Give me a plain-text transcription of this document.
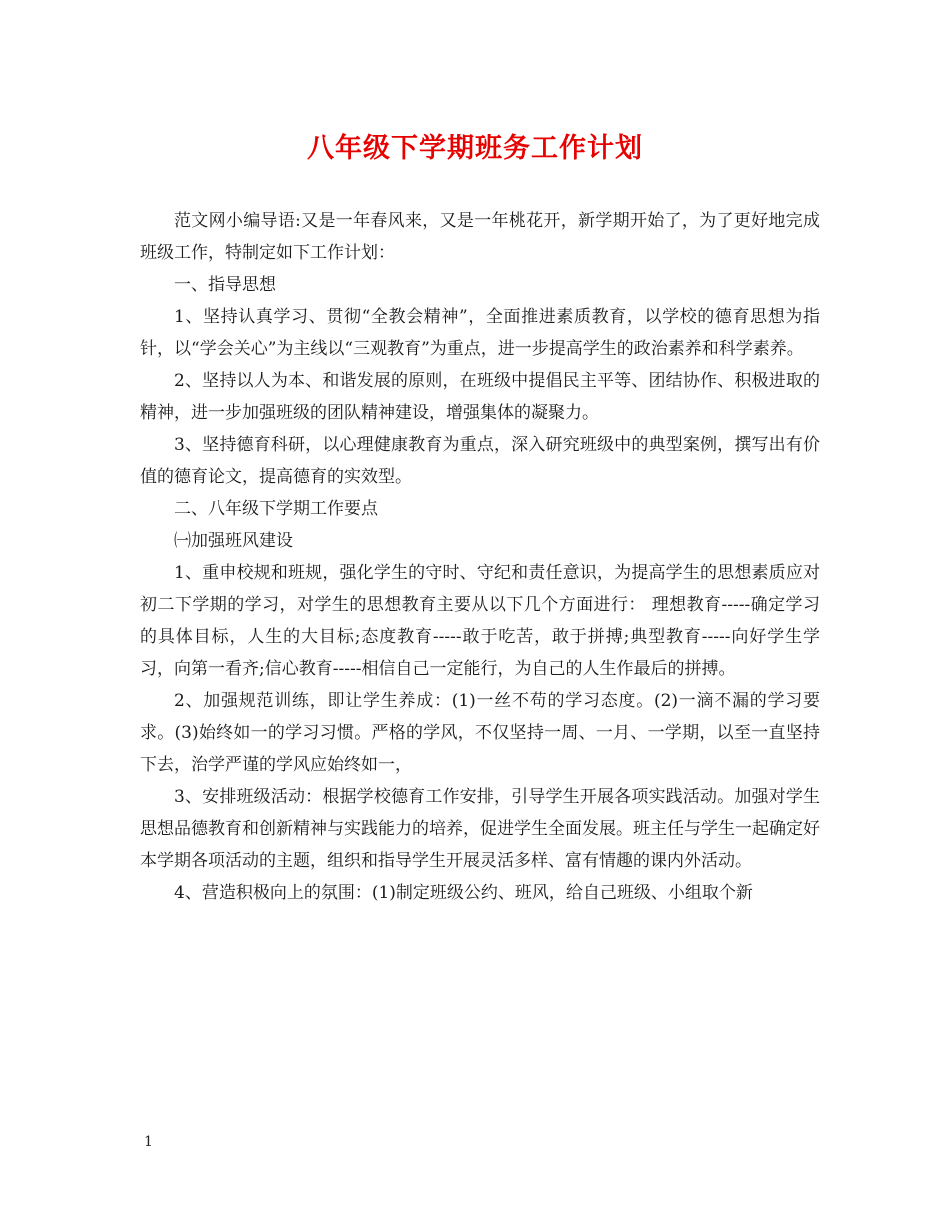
八年级下学期班务工作计划

范文网小编导语:又是一年春风来，又是一年桃花开，新学期开始了，为了更好地完成班级工作，特制定如下工作计划：

一、指导思想

1、坚持认真学习、贯彻“全教会精神”，全面推进素质教育，以学校的德育思想为指针，以“学会关心”为主线以“三观教育”为重点，进一步提高学生的政治素养和科学素养。

2、坚持以人为本、和谐发展的原则，在班级中提倡民主平等、团结协作、积极进取的精神，进一步加强班级的团队精神建设，增强集体的凝聚力。

3、坚持德育科研，以心理健康教育为重点，深入研究班级中的典型案例，撰写出有价值的德育论文，提高德育的实效型。

二、八年级下学期工作要点

㈠加强班风建设

1、重申校规和班规，强化学生的守时、守纪和责任意识，为提高学生的思想素质应对初二下学期的学习，对学生的思想教育主要从以下几个方面进行： 理想教育-----确定学习的具体目标，人生的大目标;态度教育-----敢于吃苦，敢于拼搏;典型教育-----向好学生学习，向第一看齐;信心教育-----相信自己一定能行，为自己的人生作最后的拼搏。

2、加强规范训练，即让学生养成：(1)一丝不苟的学习态度。(2)一滴不漏的学习要求。(3)始终如一的学习习惯。严格的学风，不仅坚持一周、一月、一学期，以至一直坚持下去，治学严谨的学风应始终如一，

3、安排班级活动：根据学校德育工作安排，引导学生开展各项实践活动。加强对学生思想品德教育和创新精神与实践能力的培养，促进学生全面发展。班主任与学生一起确定好本学期各项活动的主题，组织和指导学生开展灵活多样、富有情趣的课内外活动。

4、营造积极向上的氛围：(1)制定班级公约、班风，给自己班级、小组取个新

1
